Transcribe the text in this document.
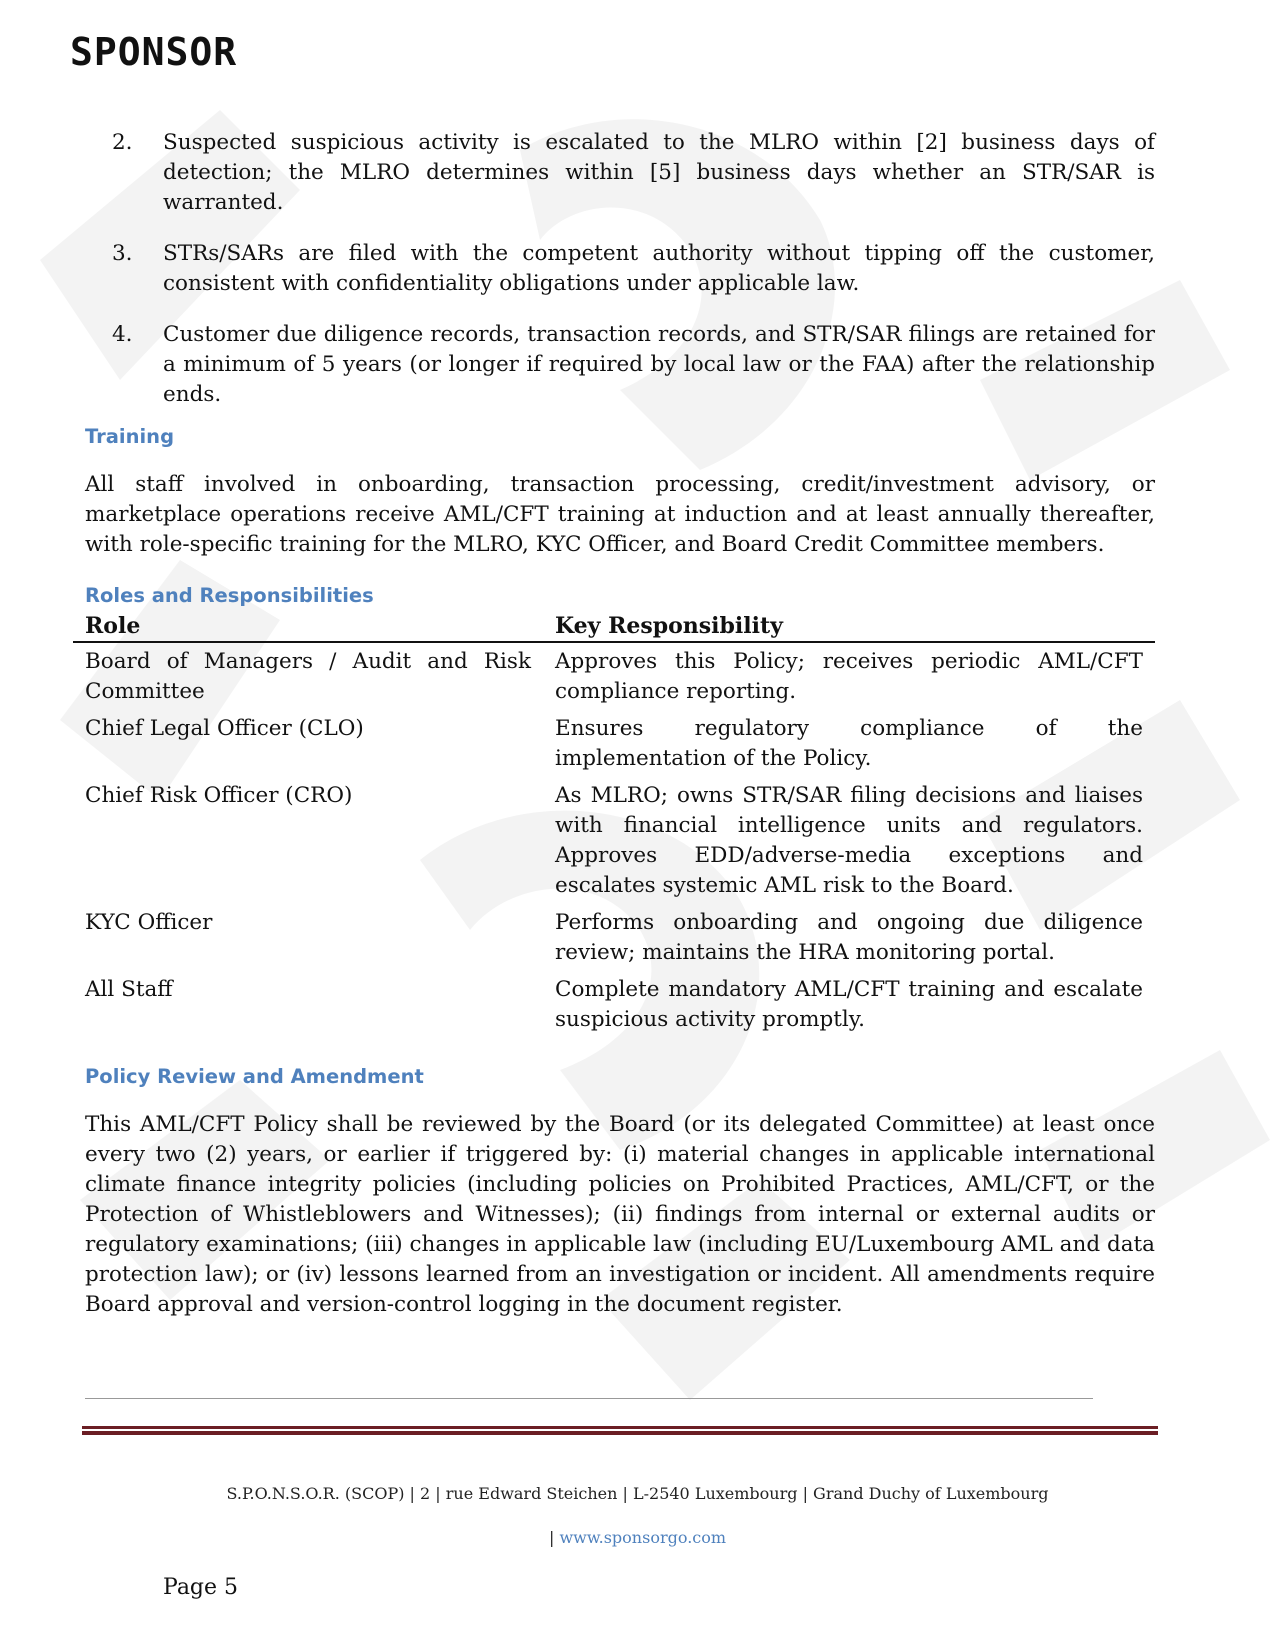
SPONSOR
2. Suspected suspicious activity is escalated to the MLRO within [2] business days of detection; the MLRO determines within [5] business days whether an STR/SAR is warranted.
3. STRs/SARs are filed with the competent authority without tipping off the customer, consistent with confidentiality obligations under applicable law.
4. Customer due diligence records, transaction records, and STR/SAR filings are retained for a minimum of 5 years (or longer if required by local law or the FAA) after the relationship ends.
Training

All staff involved in onboarding, transaction processing, credit/investment advisory, or marketplace operations receive AML/CFT training at induction and at least annually thereafter, with role-specific training for the MLRO, KYC Officer, and Board Credit Committee members.

Roles and Responsibilities
Role	Key Responsibility
Board of Managers / Audit and Risk Committee	Approves this Policy; receives periodic AML/CFT compliance reporting.
Chief Legal Officer (CLO)	Ensures regulatory compliance of the implementation of the Policy.
Chief Risk Officer (CRO)	As MLRO; owns STR/SAR filing decisions and liaises with financial intelligence units and regulators. Approves EDD/adverse-media exceptions and escalates systemic AML risk to the Board.
KYC Officer	Performs onboarding and ongoing due diligence review; maintains the HRA monitoring portal.
All Staff	Complete mandatory AML/CFT training and escalate suspicious activity promptly.
Policy Review and Amendment

This AML/CFT Policy shall be reviewed by the Board (or its delegated Committee) at least once every two (2) years, or earlier if triggered by: (i) material changes in applicable international climate finance integrity policies (including policies on Prohibited Practices, AML/CFT, or the Protection of Whistleblowers and Witnesses); (ii) findings from internal or external audits or regulatory examinations; (iii) changes in applicable law (including EU/Luxembourg AML and data protection law); or (iv) lessons learned from an investigation or incident. All amendments require Board approval and version-control logging in the document register.

S.P.O.N.S.O.R. (SCOP) | 2 | rue Edward Steichen | L-2540 Luxembourg | Grand Duchy of Luxembourg
| www.sponsorgo.com
Page 5
